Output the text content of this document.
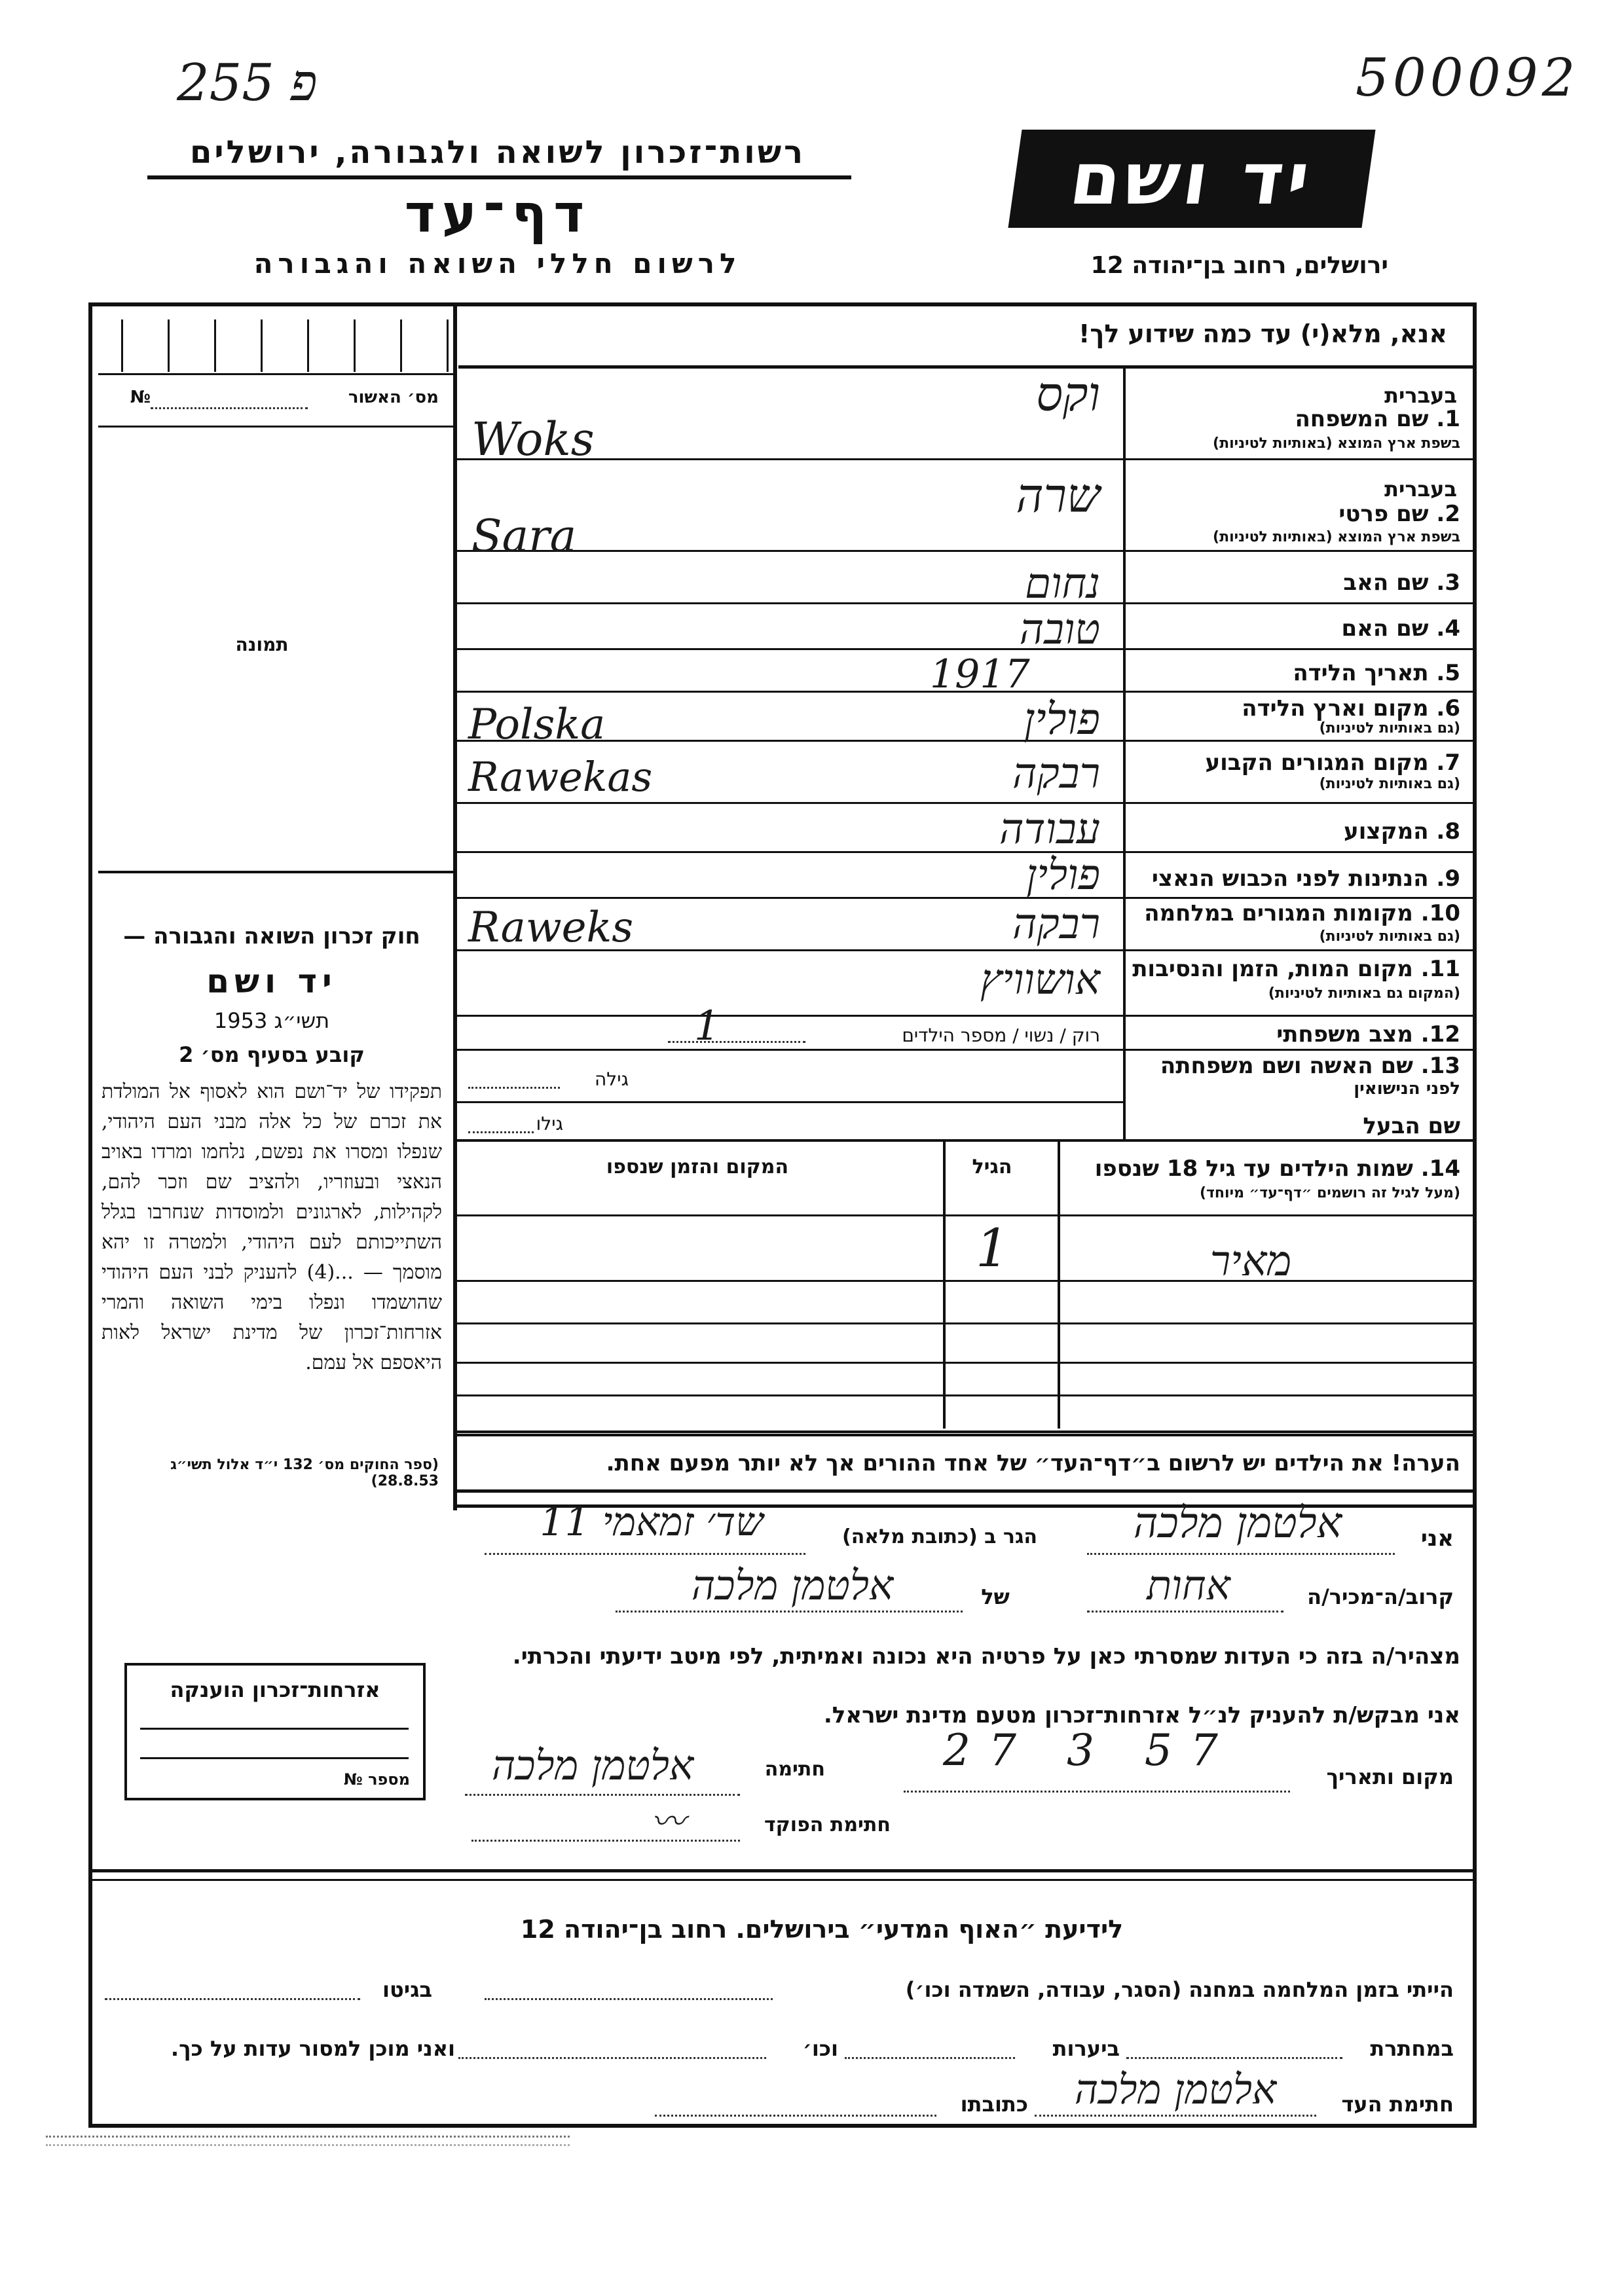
255 פ	500092
רשות־זכרון לשואה ולגבורה, ירושלים
דף־עד
לרשום חללי השואה והגבורה
יד ושם
ירושלים, רחוב בן־יהודה 12
אנא, מלא(י) עד כמה שידוע לך!
מס׳ האשור
№
תמונה
חוק זכרון השואה והגבורה —
יד ושם
תשי״ג 1953
קובע בסעיף מס׳ 2
תפקידו של יד־ושם הוא לאסוף אל המולדת את זכרם של כל אלה מבני העם היהודי, שנפלו ומסרו את נפשם, נלחמו ומרדו באויב הנאצי ובעוזריו, ולהציב שם וזכר להם, לקהילות, לארגונים ולמוסדות שנחרבו בגלל השתייכותם לעם היהודי, ולמטרה זו יהא מוסמך — ...(4) להעניק לבני העם היהודי שהושמדו ונפלו בימי השואה והמרי אזרחות־זכרון של מדינת ישראל לאות היאספם אל עמם.
(ספר החוקים מס׳ 132 י״ד אלול תשי״ג 28.8.53)
אזרחות־זכרון הוענקה
מספר №
בעברית
1. שם המשפחה
בשפת ארץ המוצא (באותיות לטיניות)
וקס
Woks
בעברית
2. שם פרטי
בשפת ארץ המוצא (באותיות לטיניות)
שרה
Sara
3. שם האב
נחום
4. שם האם
טובה
5. תאריך הלידה
1917
6. מקום וארץ הלידה
(גם באותיות לטיניות)
פולין
Polska
7. מקום המגורים הקבוע
(גם באותיות לטיניות)
רבקה
Rawekas
8. המקצוע
עבודה
9. הנתינות לפני הכבוש הנאצי
פולין
10. מקומות המגורים במלחמה
(גם באותיות לטיניות)
רבקה
Raweks
11. מקום המות, הזמן והנסיבות
(המקום גם באותיות לטיניות)
אושוויץ
12. מצב משפחתי
רוק / נשוי / מספר הילדים
1
13. שם האשה ושם משפחתה
לפני הנישואין
גילה
שם הבעל
גילו
14. שמות הילדים עד גיל 18 שנספו
(מעל לגיל זה רושמים ״דף־עד״ מיוחד)
הגיל
המקום והזמן שנספו
מאיר
1
הערה! את הילדים יש לרשום ב״דף־העד״ של אחד ההורים אך לא יותר מפעם אחת.
אני
אלטמן מלכה
הגר ב (כתובת מלאה)
שד׳ זמאמי 11
קרוב/ה־מכיר/ה
אחות
של
אלטמן מלכה
מצהיר/ה בזה כי העדות שמסרתי כאן על פרטיה היא נכונה ואמיתית, לפי מיטב ידיעתי והכרתי.
אני מבקש/ת להעניק לנ״ל אזרחות־זכרון מטעם מדינת ישראל.
מקום ותאריך
27 3 57
חתימה
אלטמן מלכה
חתימת הפוקד
〰
לידיעת ״האוף המדעי״ בירושלים. רחוב בן־יהודה 12
הייתי בזמן המלחמה במחנה (הסגר, עבודה, השמדה וכו׳)
בגיטו
במחתרת
ביערות
וכו׳
ואני מוכן למסור עדות על כך.
חתימת העד
אלטמן מלכה
כתובתו
